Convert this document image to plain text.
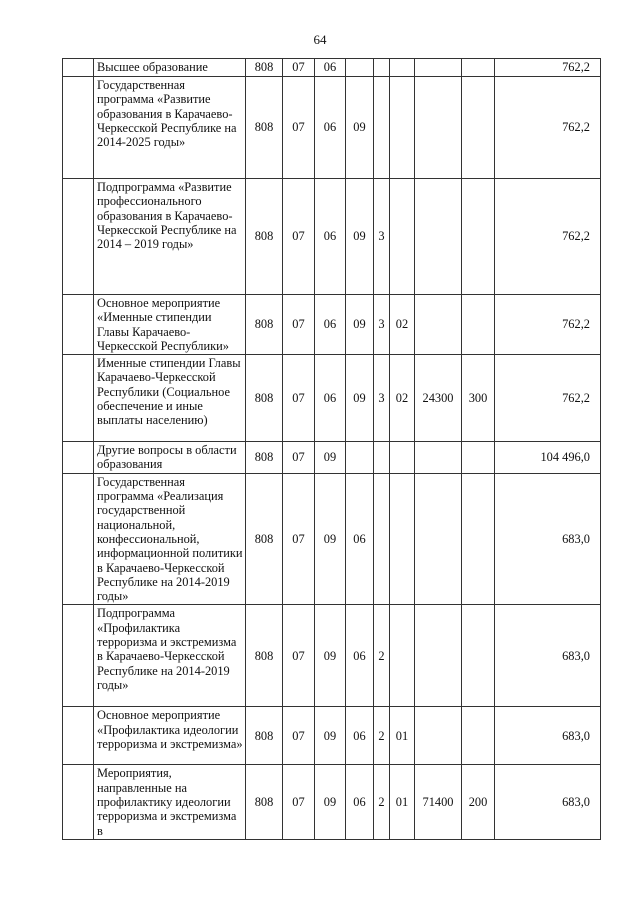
64
	Высшее образование	808	07	06						762,2
	Государственная программа «Развитие образования в Карачаево-Черкесской Республике на 2014-2025 годы»	808	07	06	09					762,2
	Подпрограмма «Развитие профессионального образования в Карачаево-Черкесской Республике на 2014 – 2019 годы»	808	07	06	09	3				762,2
	Основное мероприятие «Именные стипендии Главы Карачаево-Черкесской Республики»	808	07	06	09	3	02			762,2
	Именные стипендии Главы Карачаево-Черкесской Республики (Социальное обеспечение и иные выплаты населению)	808	07	06	09	3	02	24300	300	762,2
	Другие вопросы в области образования	808	07	09						104 496,0
	Государственная программа «Реализация государственной национальной, конфессиональной, информационной политики в Карачаево-Черкесской Республике на 2014-2019 годы»	808	07	09	06					683,0
	Подпрограмма «Профилактика терроризма и экстремизма в Карачаево-Черкесской Республике на 2014-2019 годы»	808	07	09	06	2				683,0
	Основное мероприятие «Профилактика идеологии терроризма и экстремизма»	808	07	09	06	2	01			683,0
	Мероприятия, направленные на профилактику идеологии терроризма и экстремизма в	808	07	09	06	2	01	71400	200	683,0
